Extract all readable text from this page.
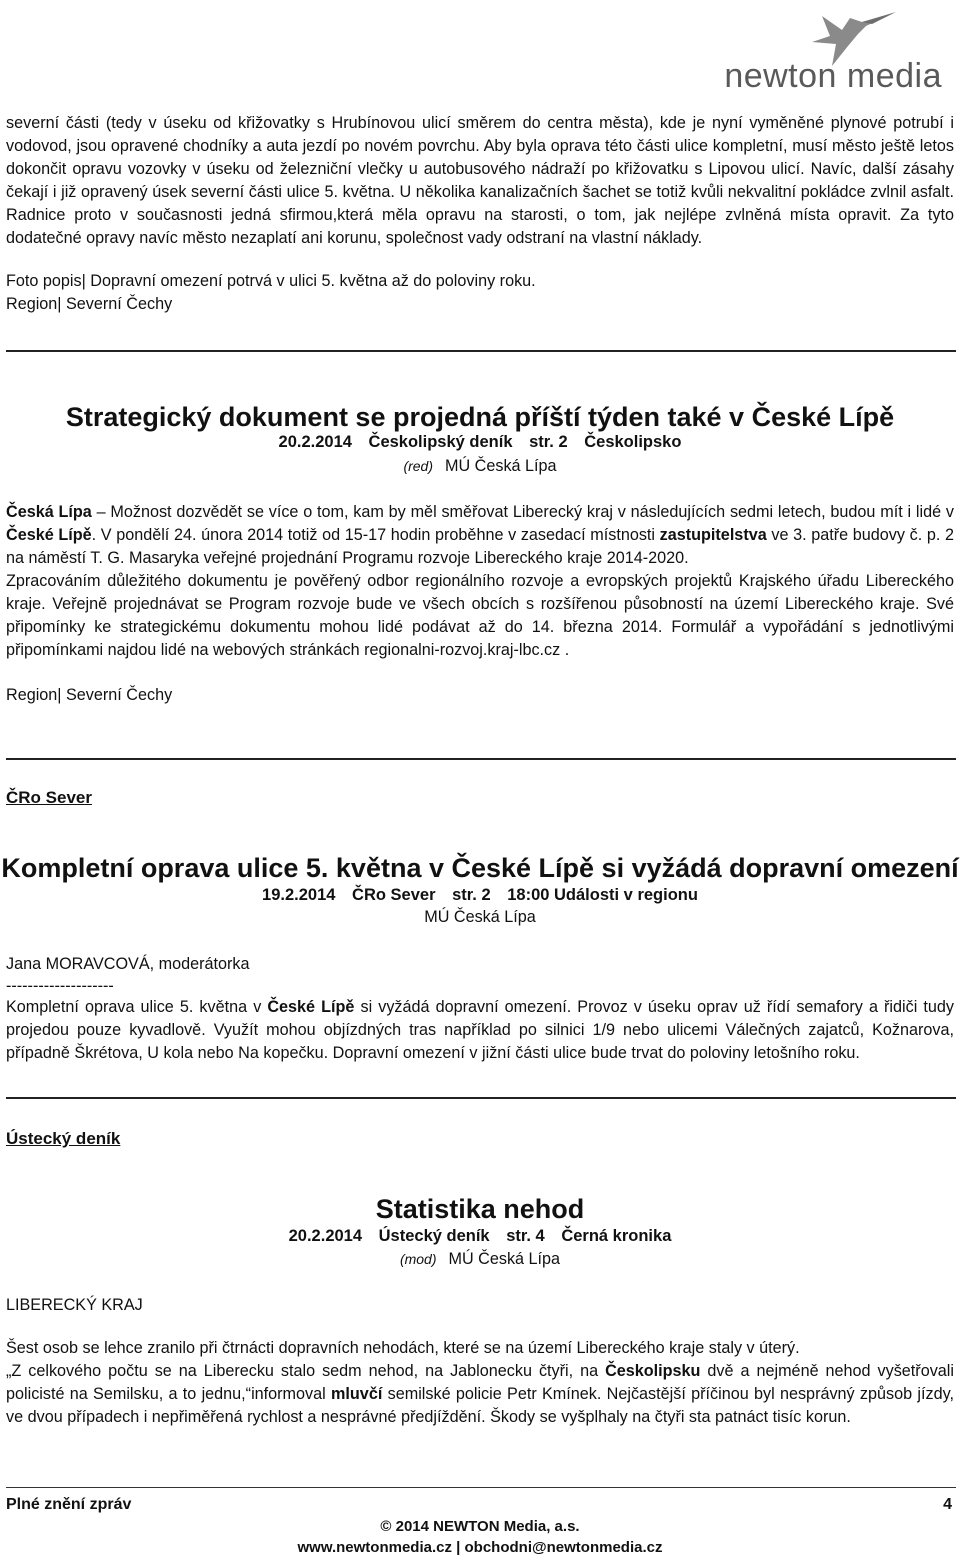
newton media

severní části (tedy v úseku od křižovatky s Hrubínovou ulicí směrem do centra města), kde je nyní vyměněné plynové potrubí i vodovod, jsou opravené chodníky a auta jezdí po novém povrchu. Aby byla oprava této části ulice kompletní, musí město ještě letos dokončit opravu vozovky v úseku od železniční vlečky u autobusového nádraží po křižovatku s Lipovou ulicí. Navíc, další zásahy čekají i již opravený úsek severní části ulice 5. května. U několika kanalizačních šachet se totiž kvůli nekvalitní pokládce zvlnil asfalt. Radnice proto v současnosti jedná sfirmou,která měla opravu na starosti, o tom, jak nejlépe zvlněná místa opravit. Za tyto dodatečné opravy navíc město nezaplatí ani korunu, společnost vady odstraní na vlastní náklady.

Foto popis| Dopravní omezení potrvá v ulici 5. května až do poloviny roku.

Region| Severní Čechy

Strategický dokument se projedná příští týden také v České Lípě
20.2.2014 Českolipský deník str. 2 Českolipsko
(red) MÚ Česká Lípa

Česká Lípa – Možnost dozvědět se více o tom, kam by měl směřovat Liberecký kraj v následujících sedmi letech, budou mít i lidé v České Lípě. V pondělí 24. února 2014 totiž od 15-17 hodin proběhne v zasedací místnosti zastupitelstva ve 3. patře budovy č. p. 2 na náměstí T. G. Masaryka veřejné projednání Programu rozvoje Libereckého kraje 2014-2020.

Zpracováním důležitého dokumentu je pověřený odbor regionálního rozvoje a evropských projektů Krajského úřadu Libereckého kraje. Veřejně projednávat se Program rozvoje bude ve všech obcích s rozšířenou působností na území Libereckého kraje. Své připomínky ke strategickému dokumentu mohou lidé podávat až do 14. března 2014. Formulář a vypořádání s jednotlivými připomínkami najdou lidé na webových stránkách regionalni-rozvoj.kraj-lbc.cz .

Region| Severní Čechy

ČRo Sever
Kompletní oprava ulice 5. května v České Lípě si vyžádá dopravní omezení
19.2.2014 ČRo Sever str. 2 18:00 Události v regionu
MÚ Česká Lípa

Jana MORAVCOVÁ, moderátorka

--------------------

Kompletní oprava ulice 5. května v České Lípě si vyžádá dopravní omezení. Provoz v úseku oprav už řídí semafory a řidiči tudy projedou pouze kyvadlově. Využít mohou objízdných tras například po silnici 1/9 nebo ulicemi Válečných zajatců, Kožnarova, případně Škrétova, U kola nebo Na kopečku. Dopravní omezení v jižní části ulice bude trvat do poloviny letošního roku.

Ústecký deník
Statistika nehod
20.2.2014 Ústecký deník str. 4 Černá kronika
(mod) MÚ Česká Lípa

LIBERECKÝ KRAJ

Šest osob se lehce zranilo při čtrnácti dopravních nehodách, které se na území Libereckého kraje staly v úterý.

„Z celkového počtu se na Liberecku stalo sedm nehod, na Jablonecku čtyři, na Českolipsku dvě a nejméně nehod vyšetřovali policisté na Semilsku, a to jednu,“informoval mluvčí semilské policie Petr Kmínek. Nejčastější příčinou byl nesprávný způsob jízdy, ve dvou případech i nepřiměřená rychlost a nesprávné předjíždění. Škody se vyšplhaly na čtyři sta patnáct tisíc korun.

Plné znění zpráv	4
© 2014 NEWTON Media, a.s.
www.newtonmedia.cz | obchodni@newtonmedia.cz
